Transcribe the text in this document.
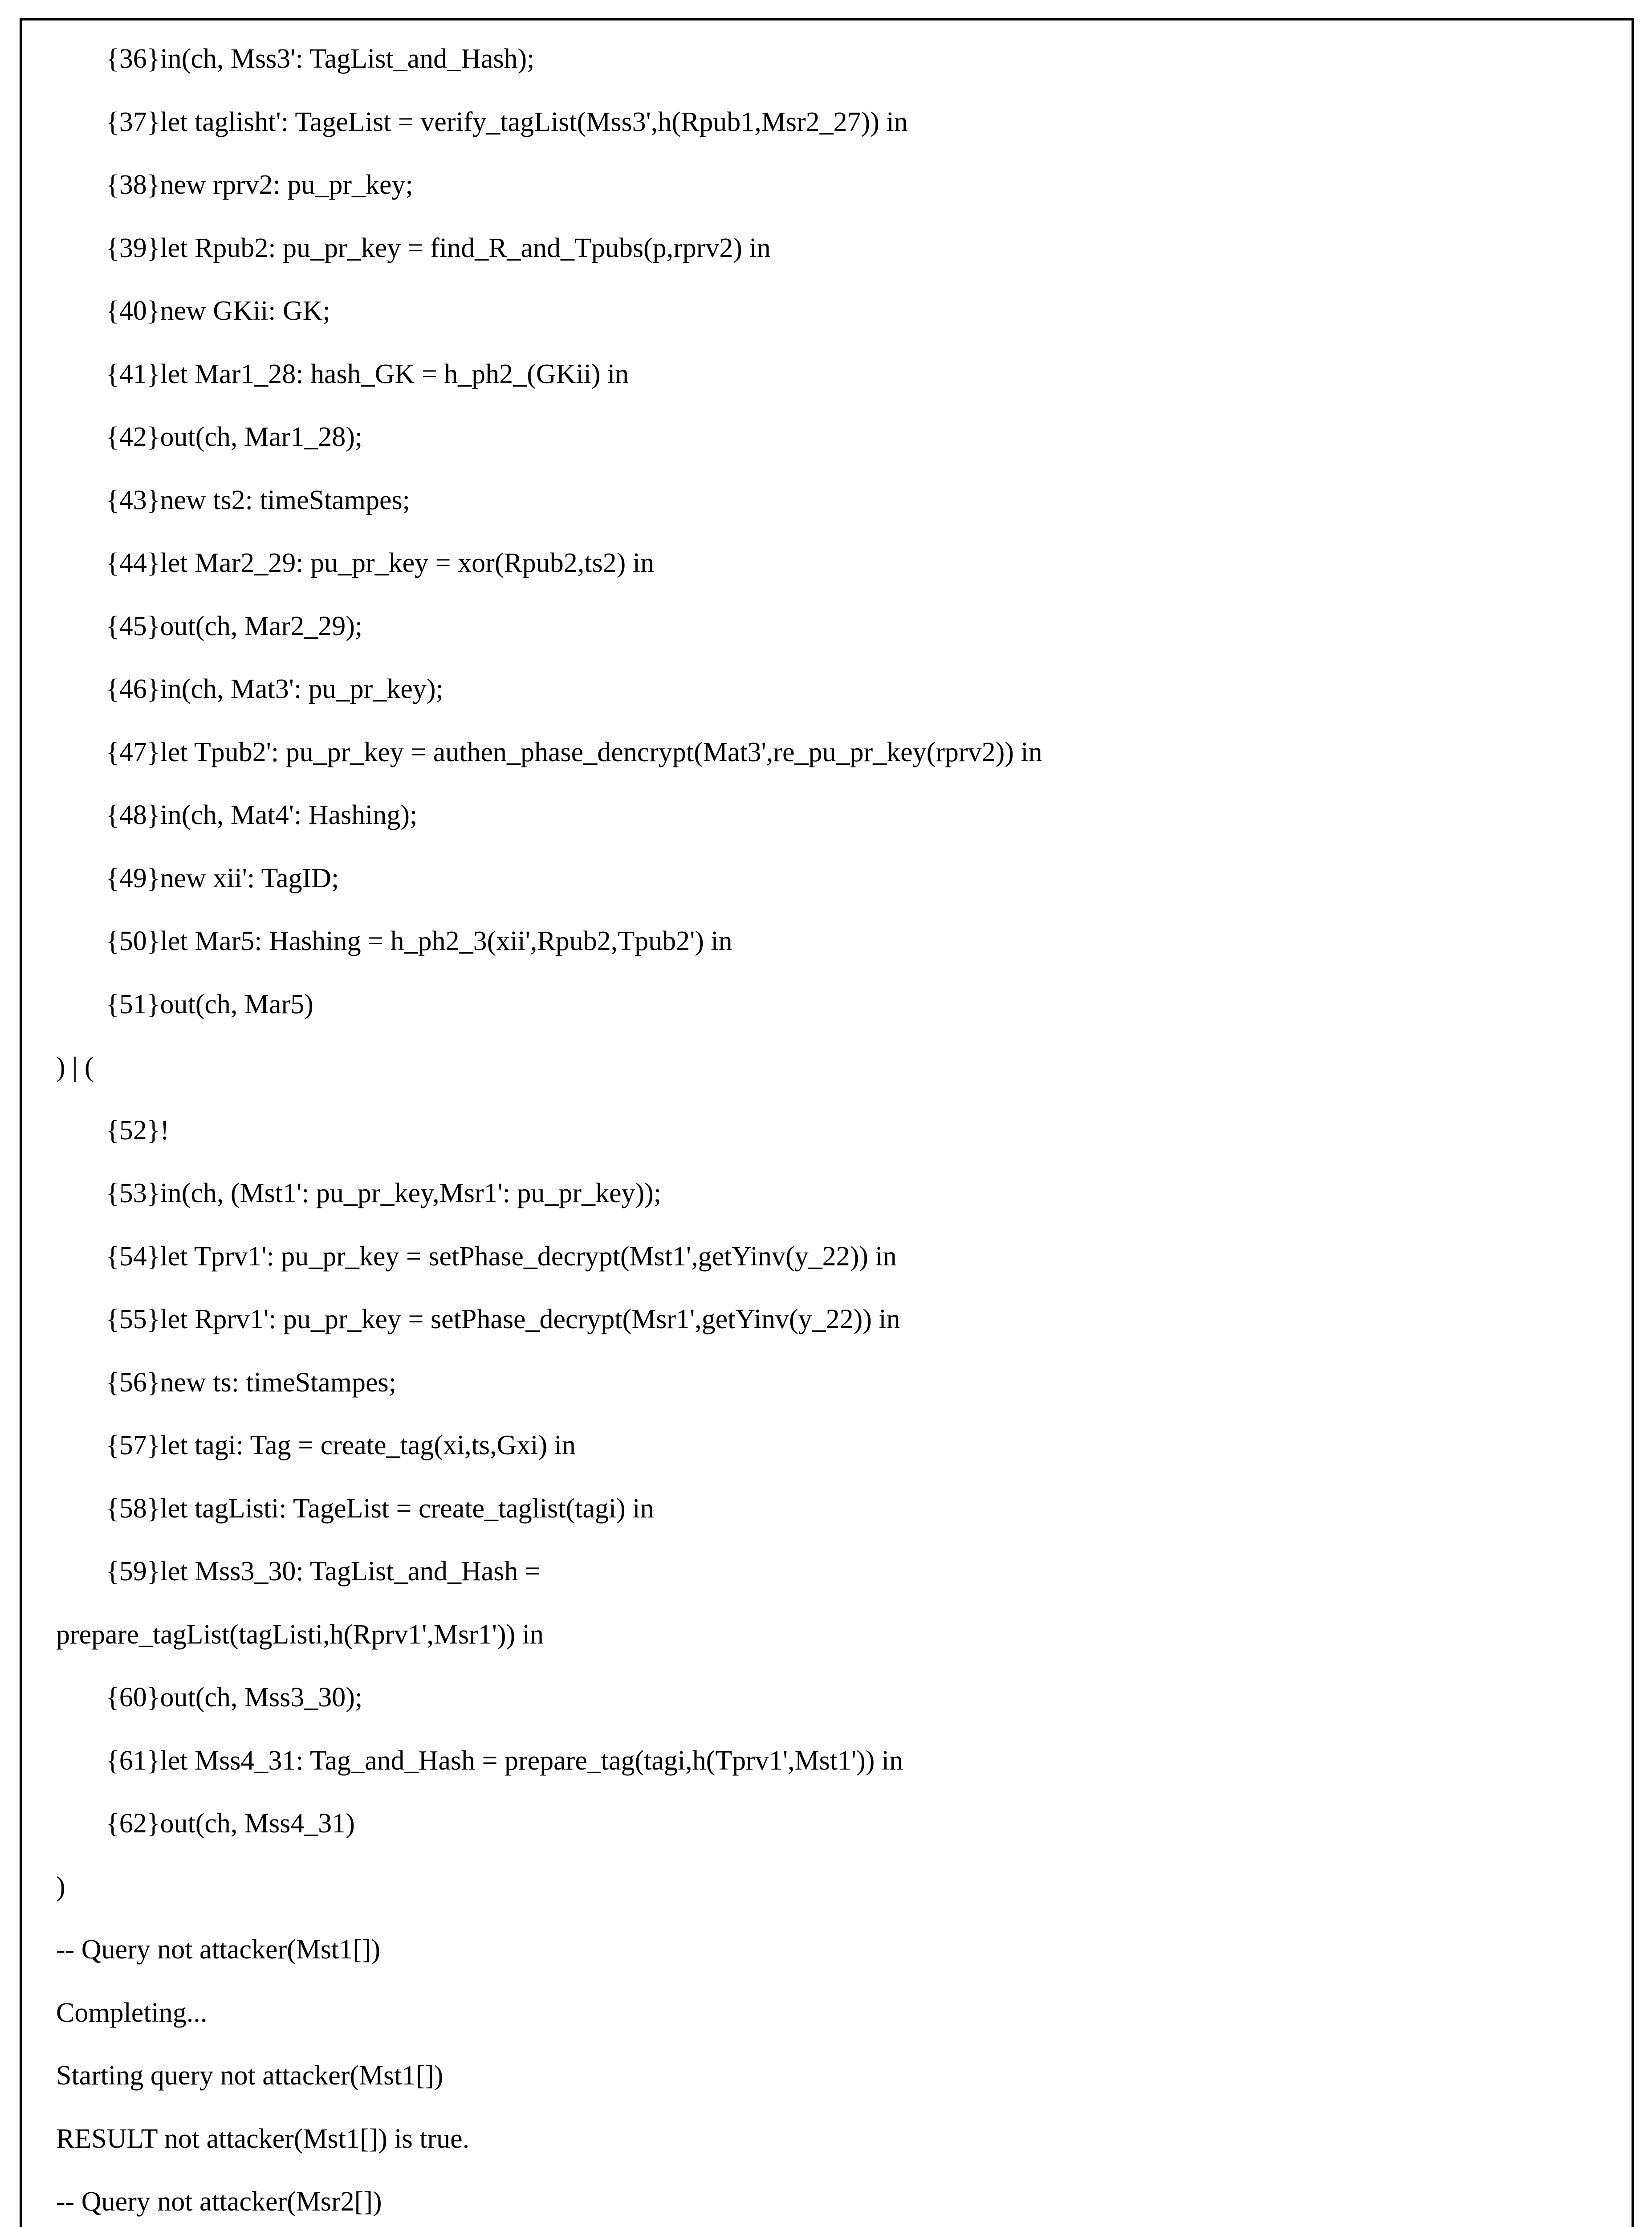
{36}in(ch, Mss3': TagList_and_Hash);
{37}let taglisht': TageList = verify_tagList(Mss3',h(Rpub1,Msr2_27)) in
{38}new rprv2: pu_pr_key;
{39}let Rpub2: pu_pr_key = find_R_and_Tpubs(p,rprv2) in
{40}new GKii: GK;
{41}let Mar1_28: hash_GK = h_ph2_(GKii) in
{42}out(ch, Mar1_28);
{43}new ts2: timeStampes;
{44}let Mar2_29: pu_pr_key = xor(Rpub2,ts2) in
{45}out(ch, Mar2_29);
{46}in(ch, Mat3': pu_pr_key);
{47}let Tpub2': pu_pr_key = authen_phase_dencrypt(Mat3',re_pu_pr_key(rprv2)) in
{48}in(ch, Mat4': Hashing);
{49}new xii': TagID;
{50}let Mar5: Hashing = h_ph2_3(xii',Rpub2,Tpub2') in
{51}out(ch, Mar5)
) | (
{52}!
{53}in(ch, (Mst1': pu_pr_key,Msr1': pu_pr_key));
{54}let Tprv1': pu_pr_key = setPhase_decrypt(Mst1',getYinv(y_22)) in
{55}let Rprv1': pu_pr_key = setPhase_decrypt(Msr1',getYinv(y_22)) in
{56}new ts: timeStampes;
{57}let tagi: Tag = create_tag(xi,ts,Gxi) in
{58}let tagListi: TageList = create_taglist(tagi) in
{59}let Mss3_30: TagList_and_Hash =
prepare_tagList(tagListi,h(Rprv1',Msr1')) in
{60}out(ch, Mss3_30);
{61}let Mss4_31: Tag_and_Hash = prepare_tag(tagi,h(Tprv1',Mst1')) in
{62}out(ch, Mss4_31)
)
-- Query not attacker(Mst1[])
Completing...
Starting query not attacker(Mst1[])
RESULT not attacker(Mst1[]) is true.
-- Query not attacker(Msr2[])
